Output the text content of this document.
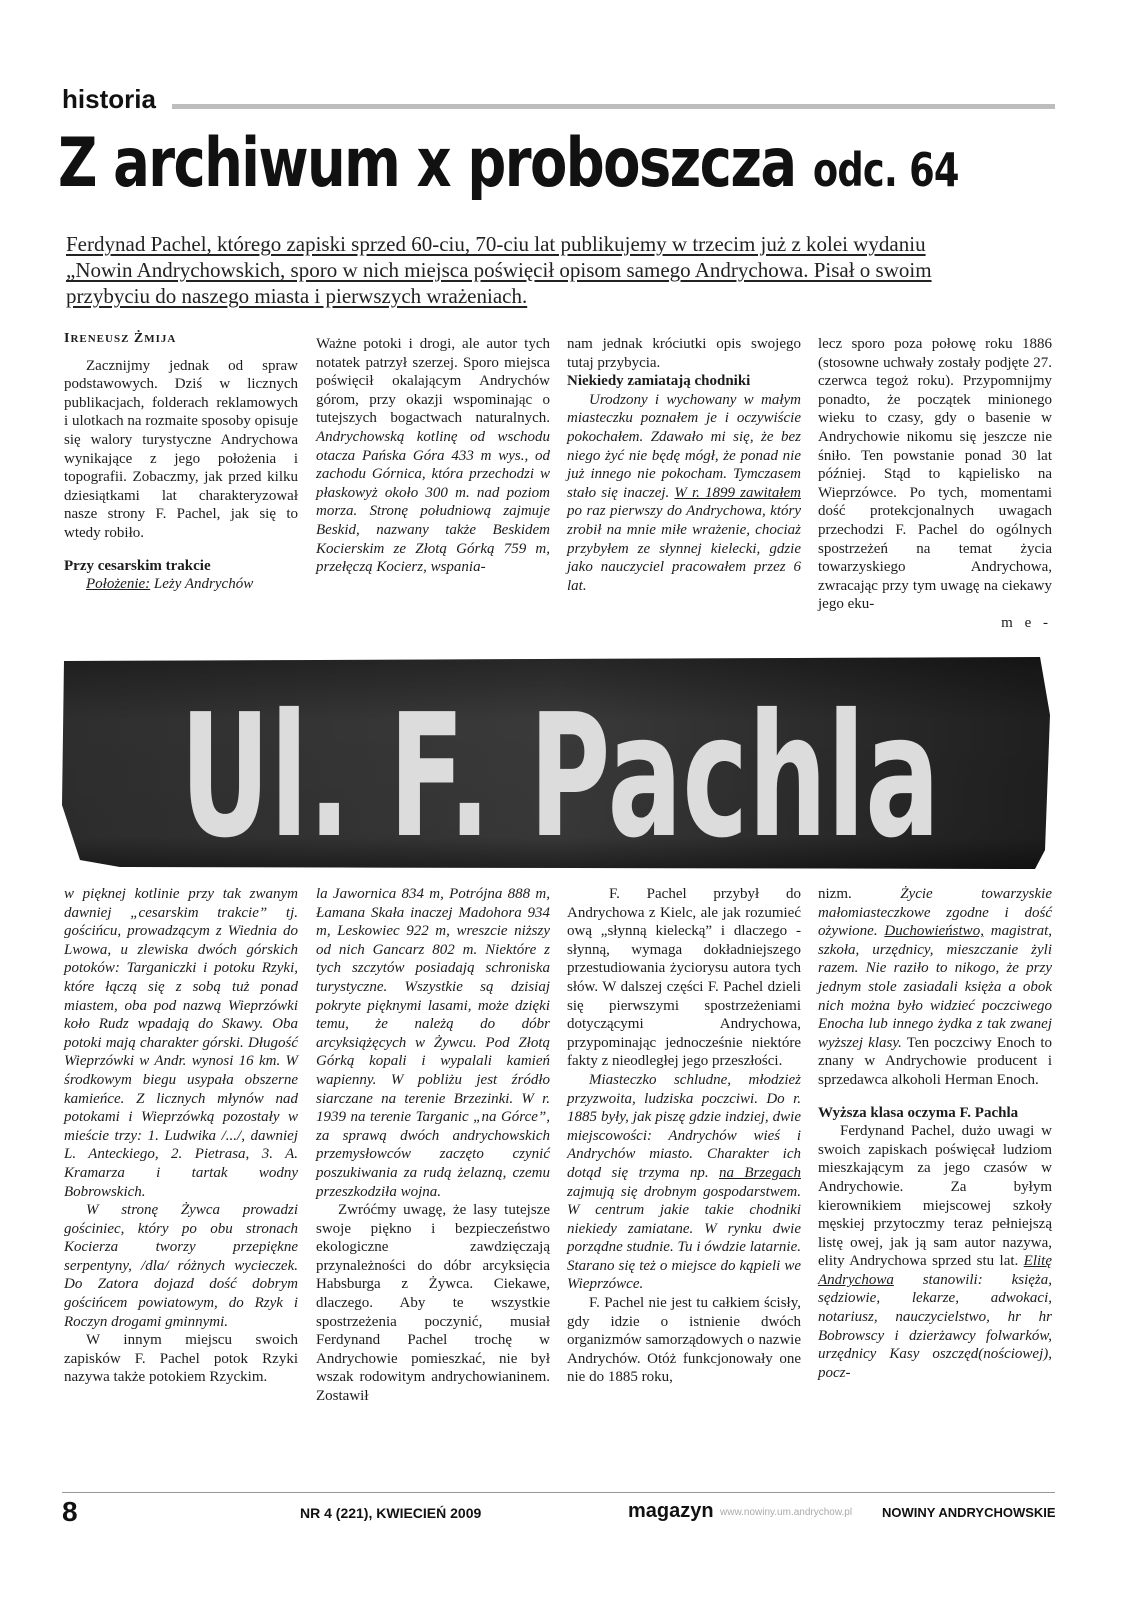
historia
Z archiwum x proboszcza odc. 64
Ferdynad Pachel, którego zapiski sprzed 60-ciu, 70-ciu lat publikujemy w trzecim już z kolei wydaniu
„Nowin Andrychowskich, sporo w nich miejsca poświęcił opisom samego Andrychowa. Pisał o swoim
przybyciu do naszego miasta i pierwszych wrażeniach.
IRENEUSZ ŻMIJA

Zacznijmy jednak od spraw podstawowych. Dziś w licznych publikacjach, folderach reklamowych i ulotkach na rozmaite sposoby opisuje się walory turystyczne Andrychowa wynikające z jego położenia i topografii. Zobaczmy, jak przed kilku dziesiątkami lat charakteryzował nasze strony F. Pachel, jak się to wtedy robiło.

Przy cesarskim trakcie

Położenie: Leży Andrychów

Ważne potoki i drogi, ale autor tych notatek patrzył szerzej. Sporo miejsca poświęcił okalającym Andrychów górom, przy okazji wspominając o tutejszych bogactwach naturalnych. Andrychowską kotlinę od wschodu otacza Pańska Góra 433 m wys., od zachodu Górnica, która przechodzi w płaskowyż około 300 m. nad poziom morza. Stronę południową zajmuje Beskid, nazwany także Beskidem Kocierskim ze Złotą Górką 759 m, przełęczą Kocierz, wspania-

nam jednak króciutki opis swojego tutaj przybycia.

Niekiedy zamiatają chodniki

Urodzony i wychowany w małym miasteczku poznałem je i oczywiście pokochałem. Zdawało mi się, że bez niego żyć nie będę mógł, że ponad nie już innego nie pokocham. Tymczasem stało się inaczej. W r. 1899 zawitałem po raz pierwszy do Andrychowa, który zrobił na mnie miłe wrażenie, chociaż przybyłem ze słynnej kielecki, gdzie jako nauczyciel pracowałem przez 6 lat.

lecz sporo poza połowę roku 1886 (stosowne uchwały zostały podjęte 27. czerwca tegoż roku). Przypomnijmy ponadto, że początek minionego wieku to czasy, gdy o basenie w Andrychowie nikomu się jeszcze nie śniło. Ten powstanie ponad 30 lat później. Stąd to kąpielisko na Wieprzówce. Po tych, momentami dość protekcjonalnych uwagach przechodzi F. Pachel do ogólnych spostrzeżeń na temat życia towarzyskiego Andrychowa, zwracając przy tym uwagę na ciekawy jego eku-

m e -

Ul. F. Pachla

w pięknej kotlinie przy tak zwanym dawniej „cesarskim trakcie” tj. gościńcu, prowadzącym z Wiednia do Lwowa, u zlewiska dwóch górskich potoków: Targaniczki i potoku Rzyki, które łączą się z sobą tuż ponad miastem, oba pod nazwą Wieprzówki koło Rudz wpadają do Skawy. Oba potoki mają charakter górski. Długość Wieprzówki w Andr. wynosi 16 km. W środkowym biegu usypała obszerne kamieńce. Z licznych młynów nad potokami i Wieprzówką pozostały w mieście trzy: 1. Ludwika /.../, dawniej L. Anteckiego, 2. Pietrasa, 3. A. Kramarza i tartak wodny Bobrowskich.

W stronę Żywca prowadzi gościniec, który po obu stronach Kocierza tworzy przepiękne serpentyny, /dla/ różnych wycieczek. Do Zatora dojazd dość dobrym gościńcem powiatowym, do Rzyk i Roczyn drogami gminnymi.

W innym miejscu swoich zapisków F. Pachel potok Rzyki nazywa także potokiem Rzyckim.

la Jawornica 834 m, Potrójna 888 m, Łamana Skała inaczej Madohora 934 m, Leskowiec 922 m, wreszcie niższy od nich Gancarz 802 m. Niektóre z tych szczytów posiadają schroniska turystyczne. Wszystkie są dzisiaj pokryte pięknymi lasami, może dzięki temu, że należą do dóbr arcyksiążęcych w Żywcu. Pod Złotą Górką kopali i wypalali kamień wapienny. W pobliżu jest źródło siarczane na terenie Brzezinki. W r. 1939 na terenie Targanic „na Górce”, za sprawą dwóch andrychowskich przemysłowców zaczęto czynić poszukiwania za rudą żelazną, czemu przeszkodziła wojna.

Zwróćmy uwagę, że lasy tutejsze swoje piękno i bezpieczeństwo ekologiczne zawdzięczają przynależności do dóbr arcyksięcia Habsburga z Żywca. Ciekawe, dlaczego. Aby te wszystkie spostrzeżenia poczynić, musiał Ferdynand Pachel trochę w Andrychowie pomieszkać, nie był wszak rodowitym andrychowianinem. Zostawił

F. Pachel przybył do Andrychowa z Kielc, ale jak rozumieć ową „słynną kielecką” i dlaczego - słynną, wymaga dokładniejszego przestudiowania życiorysu autora tych słów. W dalszej części F. Pachel dzieli się pierwszymi spostrzeżeniami dotyczącymi Andrychowa, przypominając jednocześnie niektóre fakty z nieodległej jego przeszłości.

Miasteczko schludne, młodzież przyzwoita, ludziska poczciwi. Do r. 1885 były, jak piszę gdzie indziej, dwie miejscowości: Andrychów wieś i Andrychów miasto. Charakter ich dotąd się trzyma np. na Brzegach zajmują się drobnym gospodarstwem. W centrum jakie takie chodniki niekiedy zamiatane. W rynku dwie porządne studnie. Tu i ówdzie latarnie. Starano się też o miejsce do kąpieli we Wieprzówce.

F. Pachel nie jest tu całkiem ścisły, gdy idzie o istnienie dwóch organizmów samorządowych o nazwie Andrychów. Otóż funkcjonowały one nie do 1885 roku,

nizm. Życie towarzyskie małomiasteczkowe zgodne i dość ożywione. Duchowieństwo, magistrat, szkoła, urzędnicy, mieszczanie żyli razem. Nie raziło to nikogo, że przy jednym stole zasiadali księża a obok nich można było widzieć poczciwego Enocha lub innego żydka z tak zwanej wyższej klasy. Ten poczciwy Enoch to znany w Andrychowie producent i sprzedawca alkoholi Herman Enoch.

Wyższa klasa oczyma F. Pachla

Ferdynand Pachel, dużo uwagi w swoich zapiskach poświęcał ludziom mieszkającym za jego czasów w Andrychowie. Za byłym kierownikiem miejscowej szkoły męskiej przytoczmy teraz pełniejszą listę owej, jak ją sam autor nazywa, elity Andrychowa sprzed stu lat. Elitę Andrychowa stanowili: księża, sędziowie, lekarze, adwokaci, notariusz, nauczycielstwo, hr hr Bobrowscy i dzierżawcy folwarków, urzędnicy Kasy oszczęd(nościowej), pocz-

8	NR 4 (221), KWIECIEŃ 2009	magazyn www.nowiny.um.andrychow.pl NOWINY ANDRYCHOWSKIE
